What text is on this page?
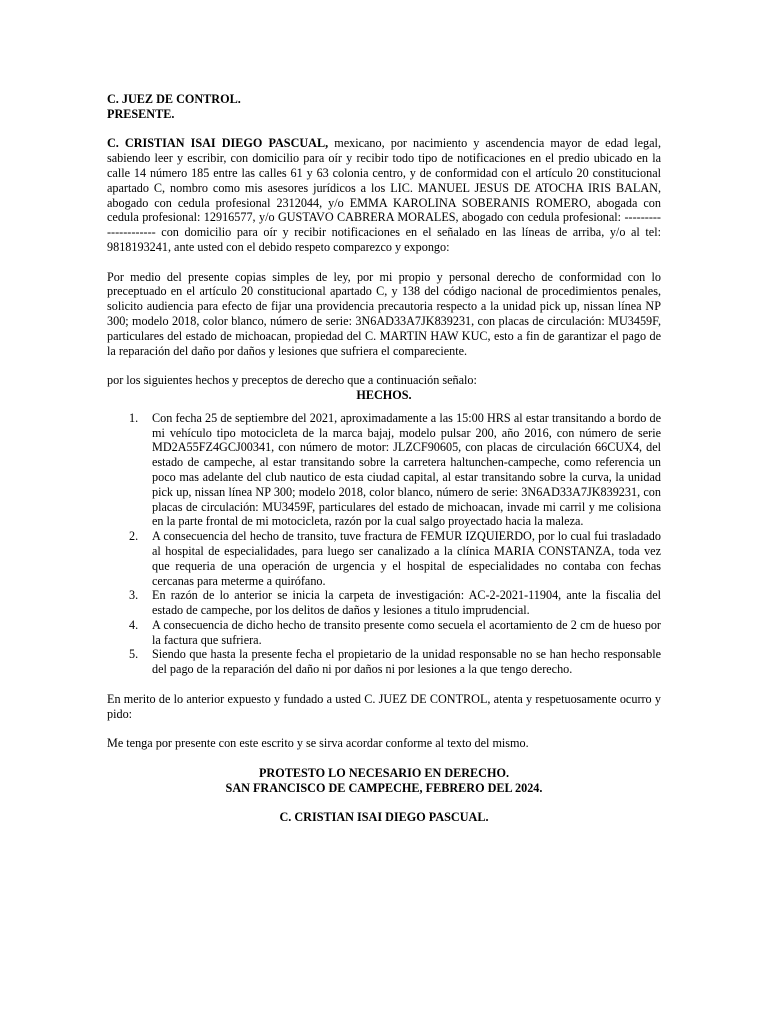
C. JUEZ DE CONTROL.

PRESENTE.

C. CRISTIAN ISAI DIEGO PASCUAL, mexicano, por nacimiento y ascendencia mayor de edad legal, sabiendo leer y escribir, con domicilio para oír y recibir todo tipo de notificaciones en el predio ubicado en la calle 14 número 185 entre las calles 61 y 63 colonia centro, y de conformidad con el artículo 20 constitucional apartado C, nombro como mis asesores jurídicos a los LIC. MANUEL JESUS DE ATOCHA IRIS BALAN, abogado con cedula profesional 2312044, y/o EMMA KAROLINA SOBERANIS ROMERO, abogada con cedula profesional: 12916577, y/o GUSTAVO CABRERA MORALES, abogado con cedula profesional: --------------------- con domicilio para oír y recibir notificaciones en el señalado en las líneas de arriba, y/o al tel: 9818193241, ante usted con el debido respeto comparezco y expongo:

Por medio del presente copias simples de ley, por mi propio y personal derecho de conformidad con lo preceptuado en el artículo 20 constitucional apartado C, y 138 del código nacional de procedimientos penales, solicito audiencia para efecto de fijar una providencia precautoria respecto a la unidad pick up, nissan línea NP 300; modelo 2018, color blanco, número de serie: 3N6AD33A7JK839231, con placas de circulación: MU3459F, particulares del estado de michoacan, propiedad del C. MARTIN HAW KUC, esto a fin de garantizar el pago de la reparación del daño por daños y lesiones que sufriera el compareciente.

por los siguientes hechos y preceptos de derecho que a continuación señalo:

HECHOS.

1. Con fecha 25 de septiembre del 2021, aproximadamente a las 15:00 HRS al estar transitando a bordo de mi vehículo tipo motocicleta de la marca bajaj, modelo pulsar 200, año 2016, con número de serie MD2A55FZ4GCJ00341, con número de motor: JLZCF90605, con placas de circulación 66CUX4, del estado de campeche, al estar transitando sobre la carretera haltunchen-campeche, como referencia un poco mas adelante del club nautico de esta ciudad capital, al estar transitando sobre la curva, la unidad pick up, nissan línea NP 300; modelo 2018, color blanco, número de serie: 3N6AD33A7JK839231, con placas de circulación: MU3459F, particulares del estado de michoacan, invade mi carril y me colisiona en la parte frontal de mi motocicleta, razón por la cual salgo proyectado hacia la maleza.
2. A consecuencia del hecho de transito, tuve fractura de FEMUR IZQUIERDO, por lo cual fui trasladado al hospital de especialidades, para luego ser canalizado a la clínica MARIA CONSTANZA, toda vez que requeria de una operación de urgencia y el hospital de especialidades no contaba con fechas cercanas para meterme a quirófano.
3. En razón de lo anterior se inicia la carpeta de investigación: AC-2-2021-11904, ante la fiscalia del estado de campeche, por los delitos de daños y lesiones a titulo imprudencial.
4. A consecuencia de dicho hecho de transito presente como secuela el acortamiento de 2 cm de hueso por la factura que sufriera.
5. Siendo que hasta la presente fecha el propietario de la unidad responsable no se han hecho responsable del pago de la reparación del daño ni por daños ni por lesiones a la que tengo derecho.

En merito de lo anterior expuesto y fundado a usted C. JUEZ DE CONTROL, atenta y respetuosamente ocurro y pido:

Me tenga por presente con este escrito y se sirva acordar conforme al texto del mismo.

PROTESTO LO NECESARIO EN DERECHO.

SAN FRANCISCO DE CAMPECHE, FEBRERO DEL 2024.

C. CRISTIAN ISAI DIEGO PASCUAL.
